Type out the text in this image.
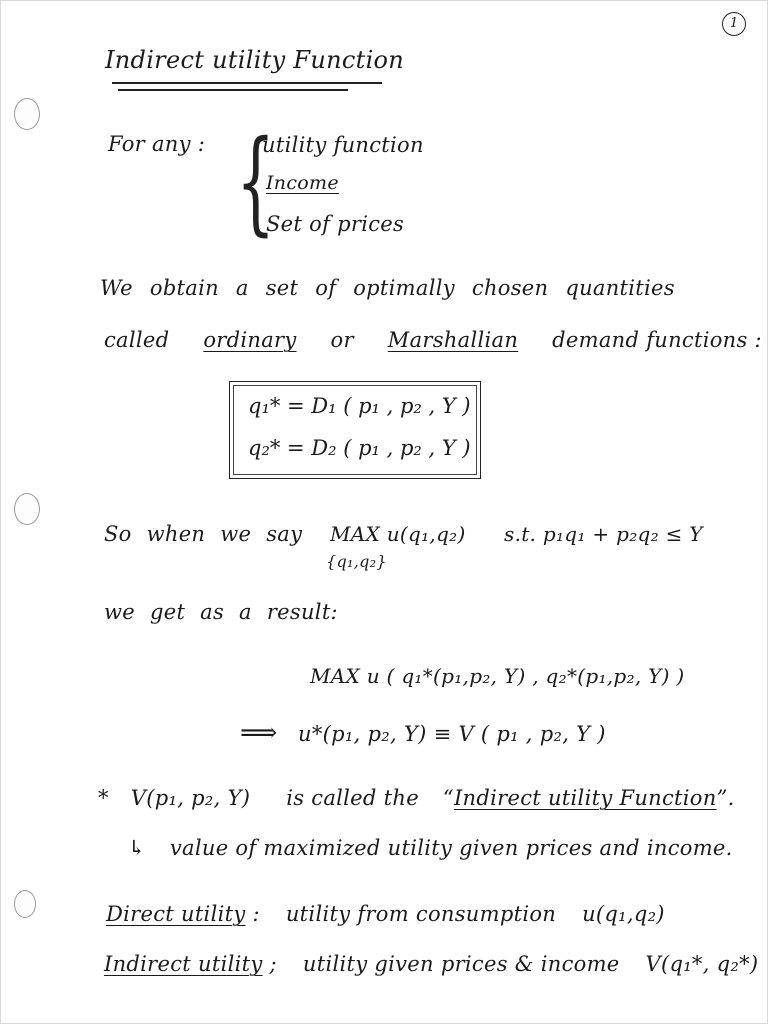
1
Indirect utility Function
For any : {
utility function
Income
Set of prices
We obtain a set of optimally chosen quantities
called ordinary or Marshallian demand functions :
q₁* = D₁ ( p₁ , p₂ , Y )
q₂* = D₂ ( p₁ , p₂ , Y )
So when we say MAX u(q₁,q₂)
{q₁,q₂}
s.t. p₁q₁ + p₂q₂ ≤ Y
we get as a result:
MAX u ( q₁*(p₁,p₂, Y) , q₂*(p₁,p₂, Y) )
⟹ u*(p₁, p₂, Y) ≡ V ( p₁ , p₂, Y )
* V(p₁, p₂, Y) is called the “Indirect utility Function”.
↳ value of maximized utility given prices and income.
Direct utility : utility from consumption u(q₁,q₂)
Indirect utility ; utility given prices & income V(q₁*, q₂*)
